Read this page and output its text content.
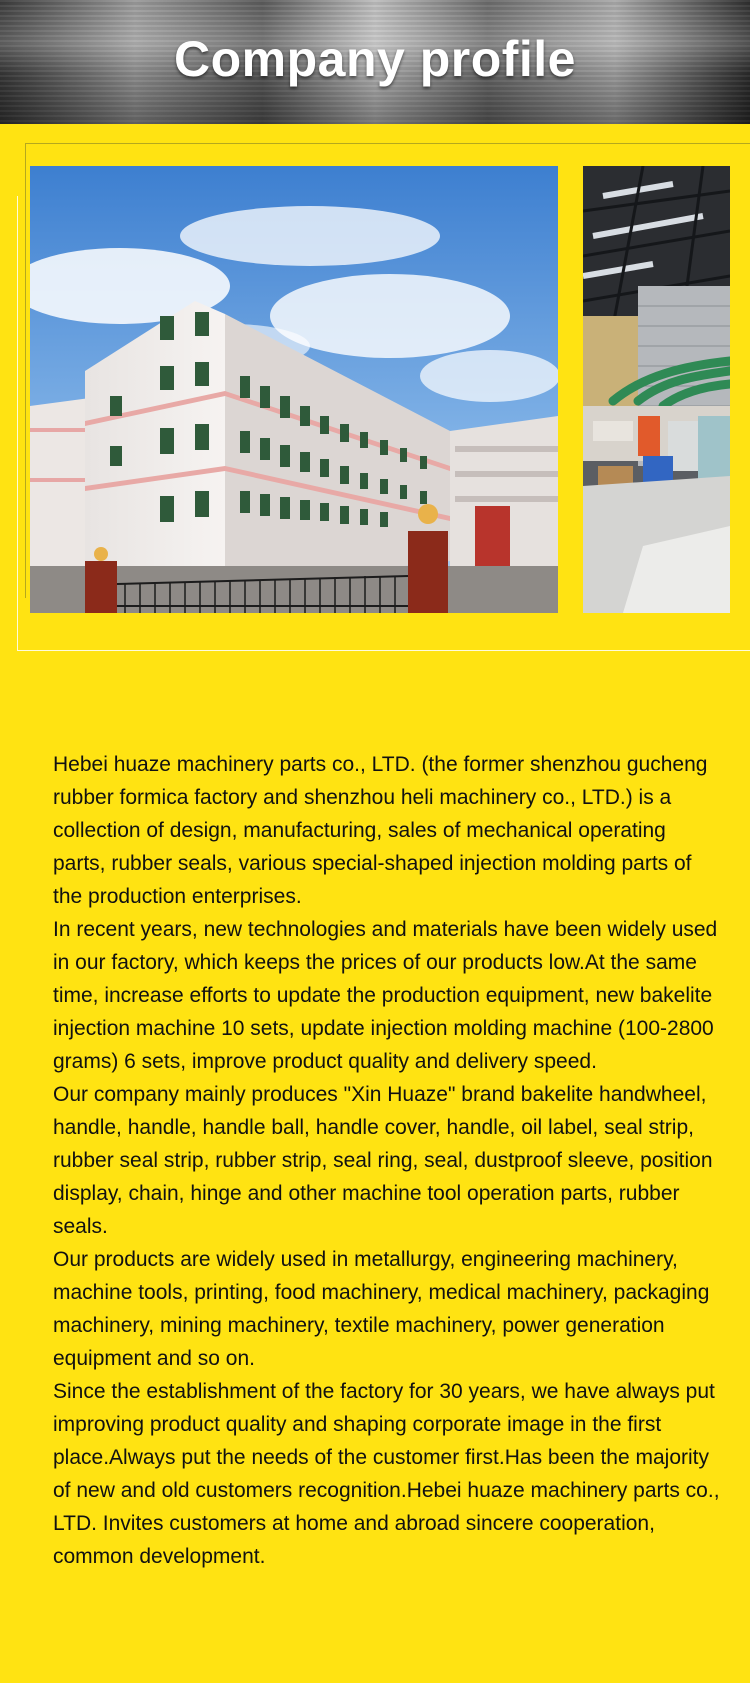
Company profile

Hebei huaze machinery parts co., LTD. (the former shenzhou gucheng rubber formica factory and shenzhou heli machinery co., LTD.) is a collection of design, manufacturing, sales of mechanical operating parts, rubber seals, various special-shaped injection molding parts of the production enterprises.

In recent years, new technologies and materials have been widely used in our factory, which keeps the prices of our products low.At the same time, increase efforts to update the production equipment, new bakelite injection machine 10 sets, update injection molding machine (100-2800 grams) 6 sets, improve product quality and delivery speed.

Our company mainly produces "Xin Huaze" brand bakelite handwheel, handle, handle, handle ball, handle cover, handle, oil label, seal strip, rubber seal strip, rubber strip, seal ring, seal, dustproof sleeve, position display, chain, hinge and other machine tool operation parts, rubber seals.

Our products are widely used in metallurgy, engineering machinery, machine tools, printing, food machinery, medical machinery, packaging machinery, mining machinery, textile machinery, power generation equipment and so on.

Since the establishment of the factory for 30 years, we have always put improving product quality and shaping corporate image in the first place.Always put the needs of the customer first.Has been the majority of new and old customers recognition.Hebei huaze machinery parts co., LTD. Invites customers at home and abroad sincere cooperation, common development.
